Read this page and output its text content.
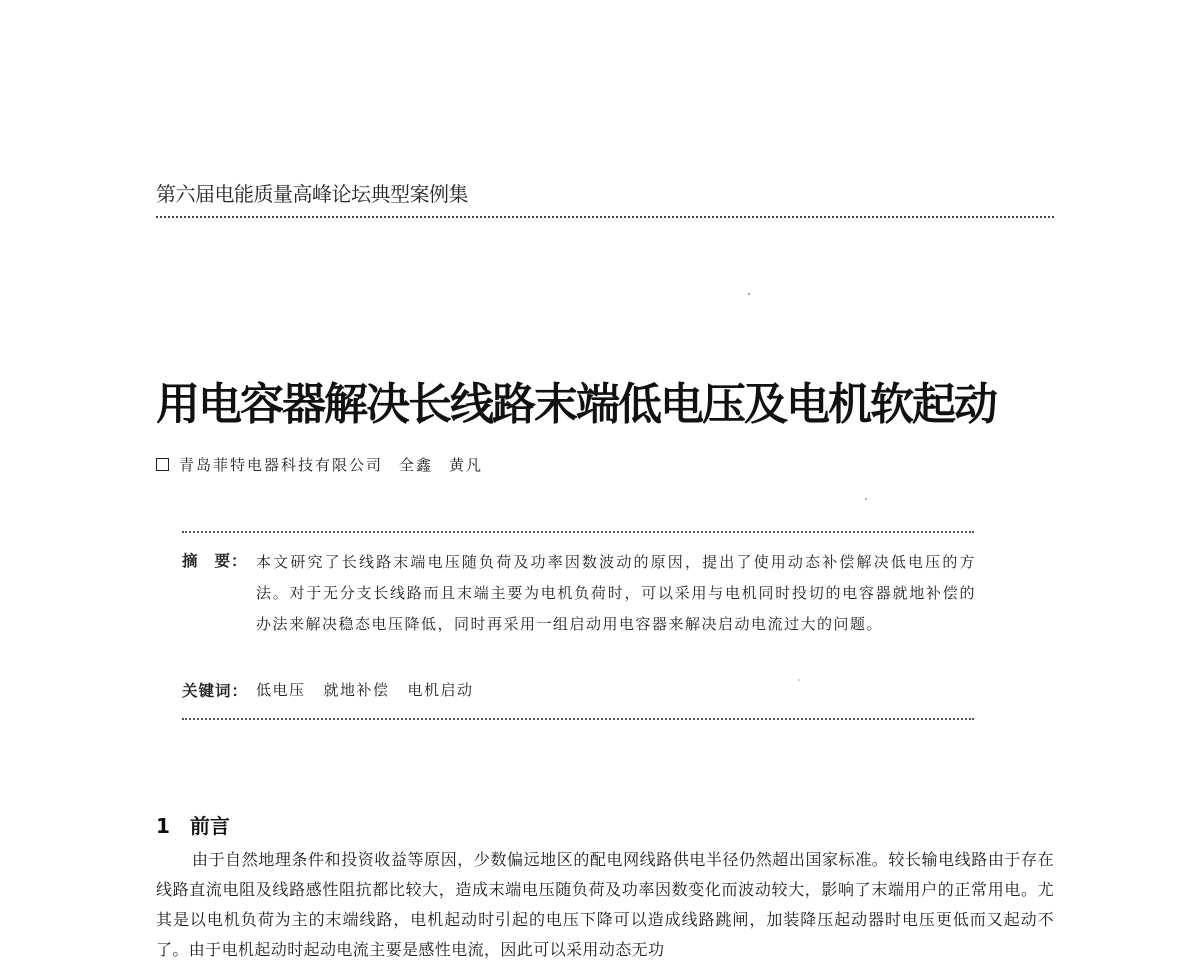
第六届电能质量高峰论坛典型案例集
用电容器解决长线路末端低电压及电机软起动
青岛菲特电器科技有限公司 全鑫 黄凡
摘 要： 本文研究了长线路末端电压随负荷及功率因数波动的原因，提出了使用动态补偿解决低电压的方法。对于无分支长线路而且末端主要为电机负荷时，可以采用与电机同时投切的电容器就地补偿的办法来解决稳态电压降低，同时再采用一组启动用电容器来解决启动电流过大的问题。
关键词： 低电压 就地补偿 电机启动
1 前言
由于自然地理条件和投资收益等原因，少数偏远地区的配电网线路供电半径仍然超出国家标准。较长输电线路由于存在线路直流电阻及线路感性阻抗都比较大，造成末端电压随负荷及功率因数变化而波动较大，影响了末端用户的正常用电。尤其是以电机负荷为主的末端线路，电机起动时引起的电压下降可以造成线路跳闸，加装降压起动器时电压更低而又起动不了。由于电机起动时起动电流主要是感性电流，因此可以采用动态无功
